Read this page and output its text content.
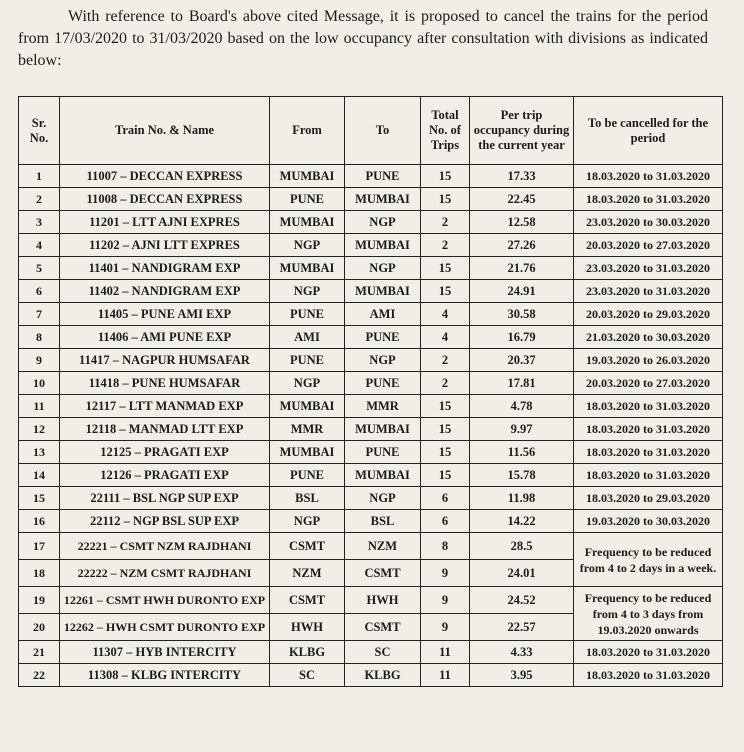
With reference to Board's above cited Message, it is proposed to cancel the trains for the period from 17/03/2020 to 31/03/2020 based on the low occupancy after consultation with divisions as indicated below:

Sr. No.	Train No. & Name	From	To	Total No. of Trips	Per trip occupancy during the current year	To be cancelled for the period
1	11007 – DECCAN EXPRESS	MUMBAI	PUNE	15	17.33	18.03.2020 to 31.03.2020
2	11008 – DECCAN EXPRESS	PUNE	MUMBAI	15	22.45	18.03.2020 to 31.03.2020
3	11201 – LTT AJNI EXPRES	MUMBAI	NGP	2	12.58	23.03.2020 to 30.03.2020
4	11202 – AJNI LTT EXPRES	NGP	MUMBAI	2	27.26	20.03.2020 to 27.03.2020
5	11401 – NANDIGRAM EXP	MUMBAI	NGP	15	21.76	23.03.2020 to 31.03.2020
6	11402 – NANDIGRAM EXP	NGP	MUMBAI	15	24.91	23.03.2020 to 31.03.2020
7	11405 – PUNE AMI EXP	PUNE	AMI	4	30.58	20.03.2020 to 29.03.2020
8	11406 – AMI PUNE EXP	AMI	PUNE	4	16.79	21.03.2020 to 30.03.2020
9	11417 – NAGPUR HUMSAFAR	PUNE	NGP	2	20.37	19.03.2020 to 26.03.2020
10	11418 – PUNE HUMSAFAR	NGP	PUNE	2	17.81	20.03.2020 to 27.03.2020
11	12117 – LTT MANMAD EXP	MUMBAI	MMR	15	4.78	18.03.2020 to 31.03.2020
12	12118 – MANMAD LTT EXP	MMR	MUMBAI	15	9.97	18.03.2020 to 31.03.2020
13	12125 – PRAGATI EXP	MUMBAI	PUNE	15	11.56	18.03.2020 to 31.03.2020
14	12126 – PRAGATI EXP	PUNE	MUMBAI	15	15.78	18.03.2020 to 31.03.2020
15	22111 – BSL NGP SUP EXP	BSL	NGP	6	11.98	18.03.2020 to 29.03.2020
16	22112 – NGP BSL SUP EXP	NGP	BSL	6	14.22	19.03.2020 to 30.03.2020
17	22221 – CSMT NZM RAJDHANI	CSMT	NZM	8	28.5	Frequency to be reduced from 4 to 2 days in a week.
18	22222 – NZM CSMT RAJDHANI	NZM	CSMT	9	24.01	
19	12261 – CSMT HWH DURONTO EXP	CSMT	HWH	9	24.52	Frequency to be reduced from 4 to 3 days from 19.03.2020 onwards
20	12262 – HWH CSMT DURONTO EXP	HWH	CSMT	9	22.57	
21	11307 – HYB INTERCITY	KLBG	SC	11	4.33	18.03.2020 to 31.03.2020
22	11308 – KLBG INTERCITY	SC	KLBG	11	3.95	18.03.2020 to 31.03.2020
